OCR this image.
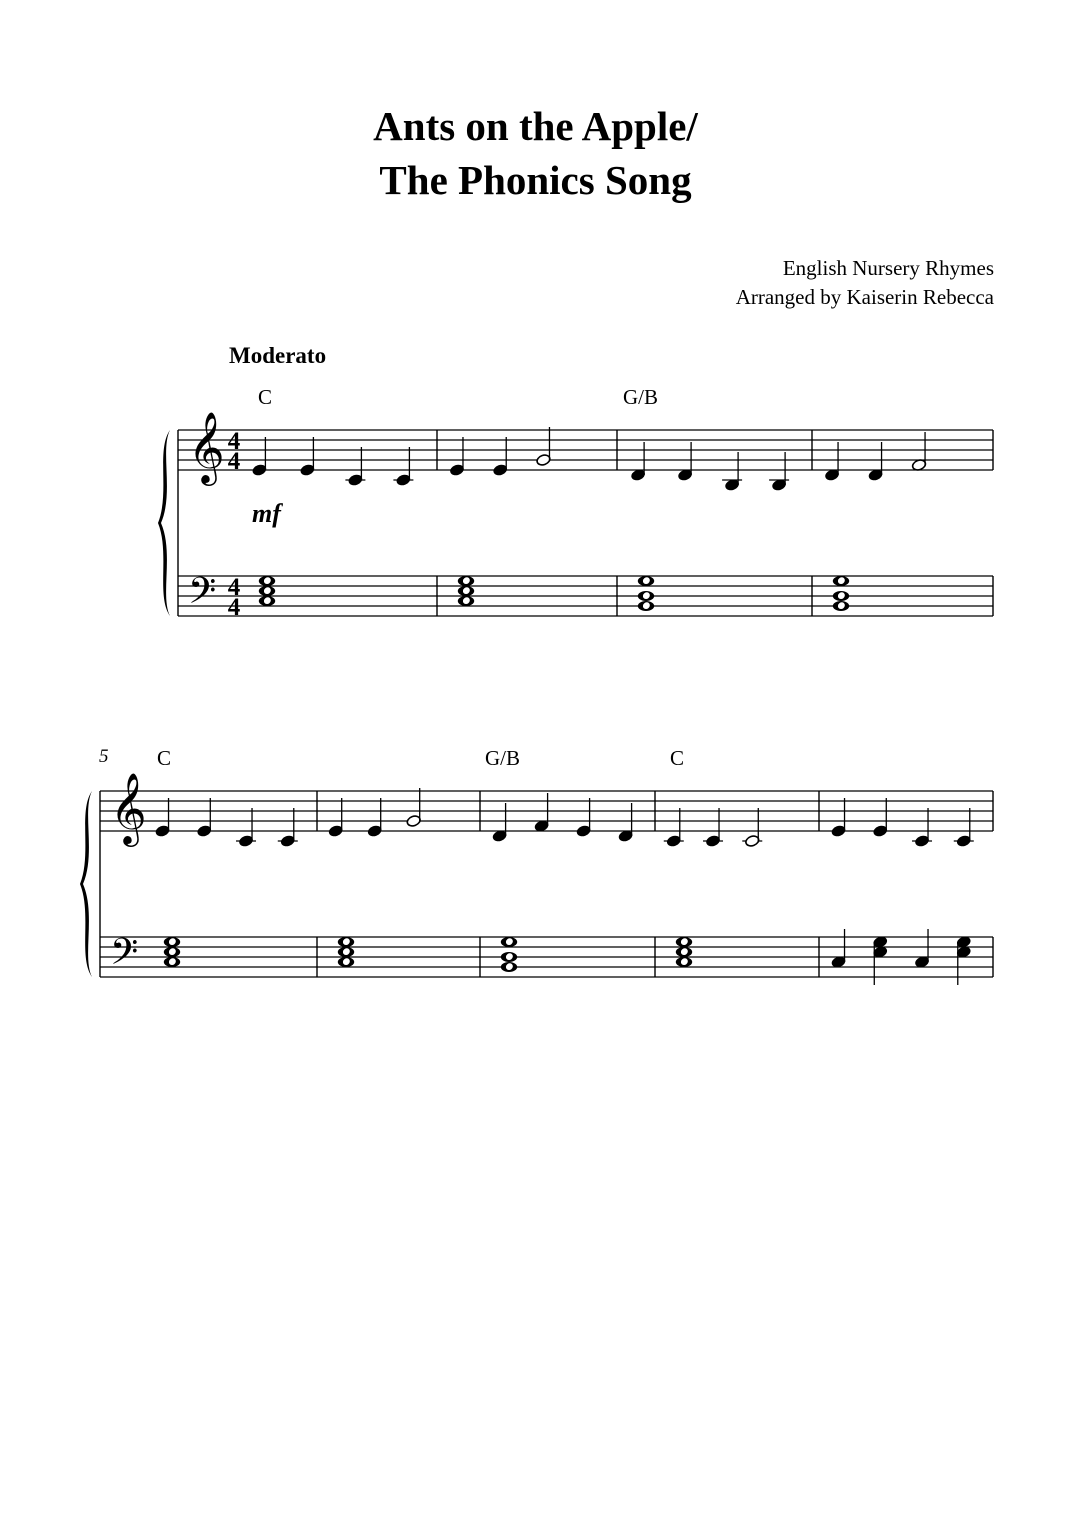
Ants on the Apple/
The Phonics Song
English Nursery Rhymes
Arranged by Kaiserin Rebecca
Moderato
C	G/B
5 C	G/B	C
𝄞
𝄢
4
4
4
4
mf
𝄞
𝄢
